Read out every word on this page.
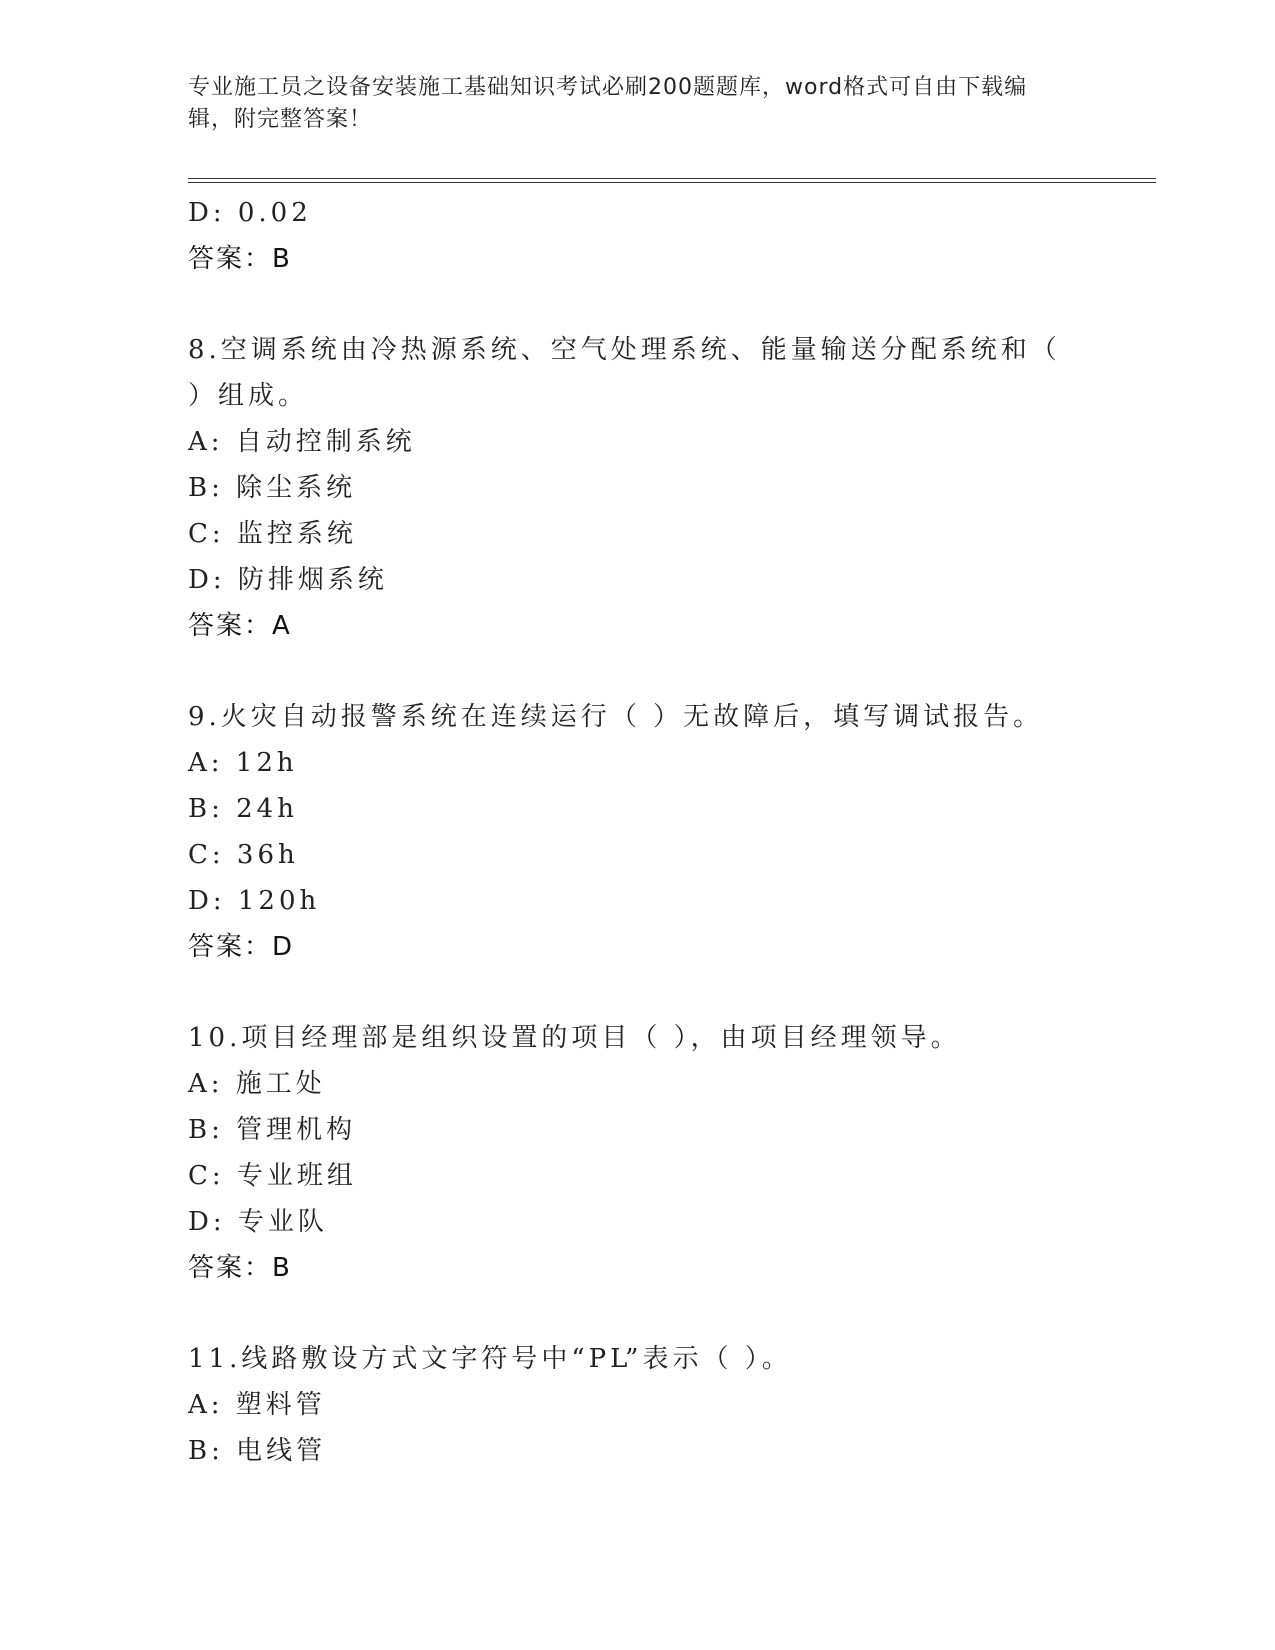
专业施工员之设备安装施工基础知识考试必刷200题题库，word格式可自由下载编辑，附完整答案！
D: 0.02
答案：B
8.空调系统由冷热源系统、空气处理系统、能量输送分配系统和（ ）组成。
A: 自动控制系统
B: 除尘系统
C: 监控系统
D: 防排烟系统
答案：A
9.火灾自动报警系统在连续运行（ ）无故障后，填写调试报告。
A: 12h
B: 24h
C: 36h
D: 120h
答案：D
10.项目经理部是组织设置的项目（ ），由项目经理领导。
A: 施工处
B: 管理机构
C: 专业班组
D: 专业队
答案：B
11.线路敷设方式文字符号中“PL”表示（ ）。
A: 塑料管
B: 电线管
